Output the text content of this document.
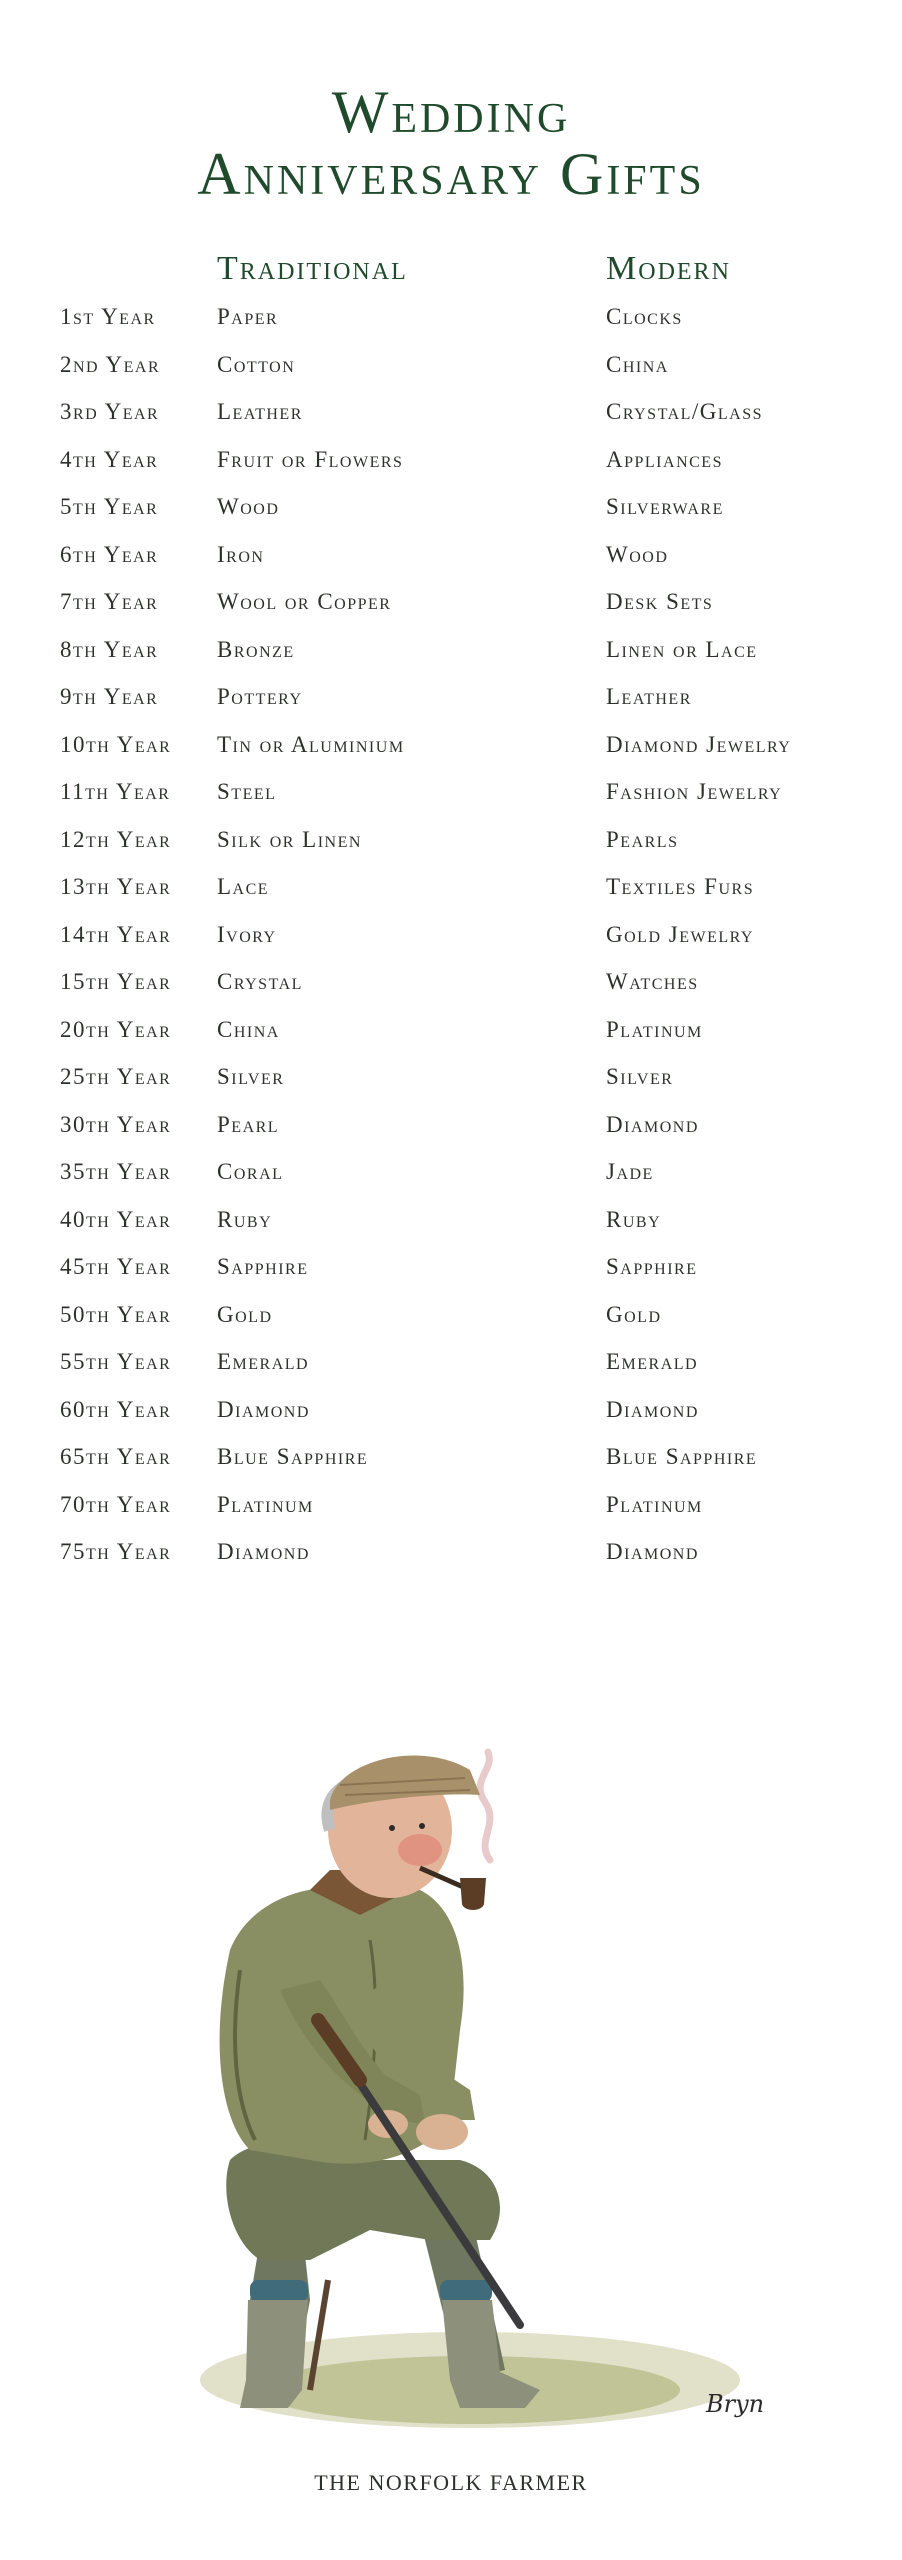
Wedding
Anniversary Gifts
Traditional	Modern
1st Year	Paper	Clocks
2nd Year Cotton	China
3rd Year	Leather	Crystal/Glass
4th Year	Fruit or Flowers	Appliances
5th Year	Wood	Silverware
6th Year	Iron	Wood
7th Year	Wool or Copper	Desk Sets
8th Year	Bronze	Linen or Lace
9th Year	Pottery	Leather
10th Year Tin or Aluminium	Diamond Jewelry
11th Year Steel	Fashion Jewelry
12th Year Silk or Linen	Pearls
13th Year Lace	Textiles Furs
14th Year Ivory	Gold Jewelry
15th Year Crystal	Watches
20th Year China	Platinum
25th Year Silver	Silver
30th Year Pearl	Diamond
35th Year Coral	Jade
40th Year Ruby	Ruby
45th Year Sapphire	Sapphire
50th Year Gold	Gold
55th Year Emerald	Emerald
60th Year Diamond	Diamond
65th Year Blue Sapphire	Blue Sapphire
70th Year Platinum	Platinum
75th Year Diamond	Diamond
Bryn
THE NORFOLK FARMER
